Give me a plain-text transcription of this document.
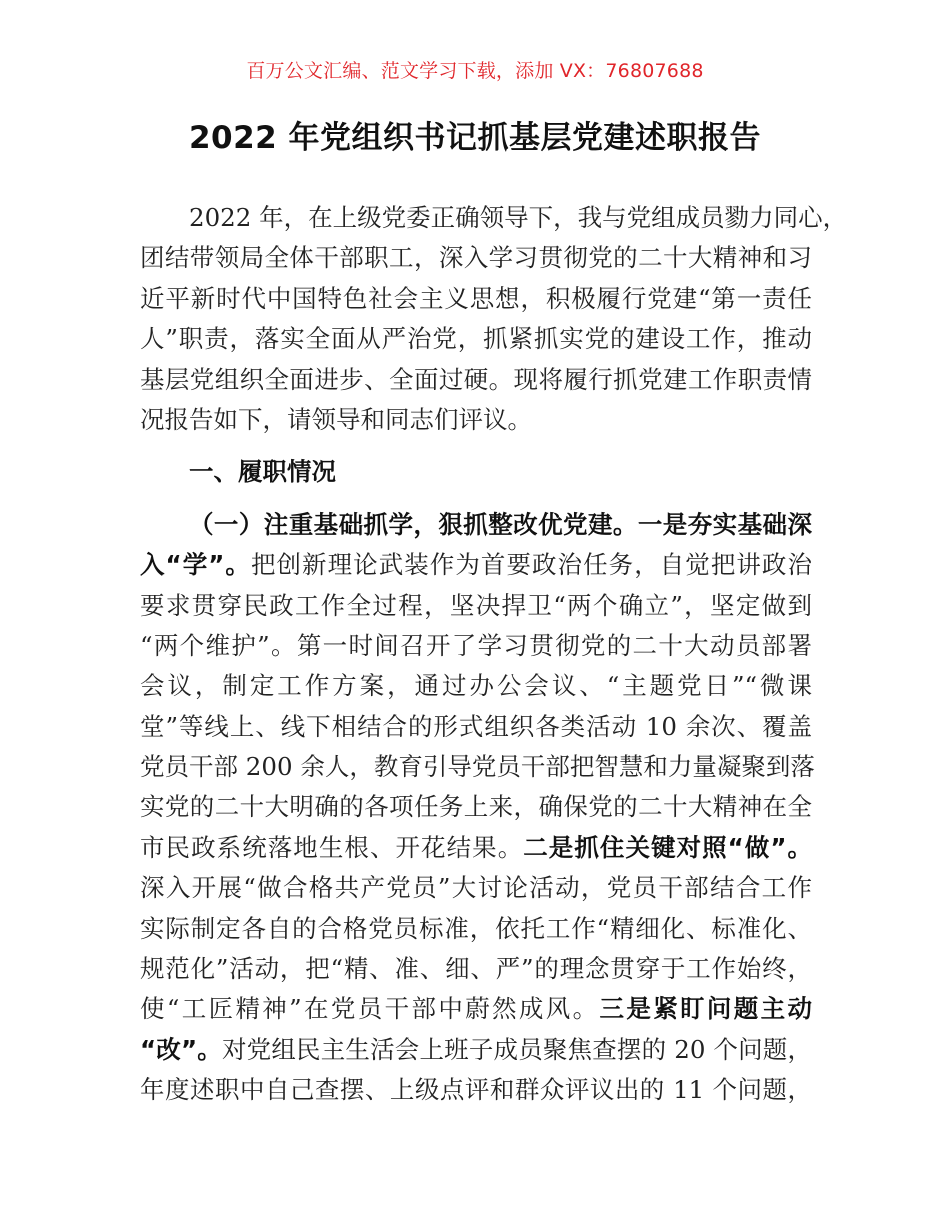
百万公文汇编、范文学习下载，添加 VX：76807688
2022 年党组织书记抓基层党建述职报告
2022 年，在上级党委正确领导下，我与党组成员勠力同心，
团结带领局全体干部职工，深入学习贯彻党的二十大精神和习
近平新时代中国特色社会主义思想，积极履行党建“第一责任
人”职责，落实全面从严治党，抓紧抓实党的建设工作，推动
基层党组织全面进步、全面过硬。现将履行抓党建工作职责情
况报告如下，请领导和同志们评议。
一、履职情况
（一）注重基础抓学，狠抓整改优党建。一是夯实基础深
入“学”。把创新理论武装作为首要政治任务，自觉把讲政治
要求贯穿民政工作全过程，坚决捍卫“两个确立”，坚定做到
“两个维护”。第一时间召开了学习贯彻党的二十大动员部署
会议，制定工作方案，通过办公会议、“主题党日”“微课
堂”等线上、线下相结合的形式组织各类活动 10 余次、覆盖
党员干部 200 余人，教育引导党员干部把智慧和力量凝聚到落
实党的二十大明确的各项任务上来，确保党的二十大精神在全
市民政系统落地生根、开花结果。二是抓住关键对照“做”。
深入开展“做合格共产党员”大讨论活动，党员干部结合工作
实际制定各自的合格党员标准，依托工作“精细化、标准化、
规范化”活动，把“精、准、细、严”的理念贯穿于工作始终，
使“工匠精神”在党员干部中蔚然成风。三是紧盯问题主动
“改”。对党组民主生活会上班子成员聚焦查摆的 20 个问题，
年度述职中自己查摆、上级点评和群众评议出的 11 个问题，
